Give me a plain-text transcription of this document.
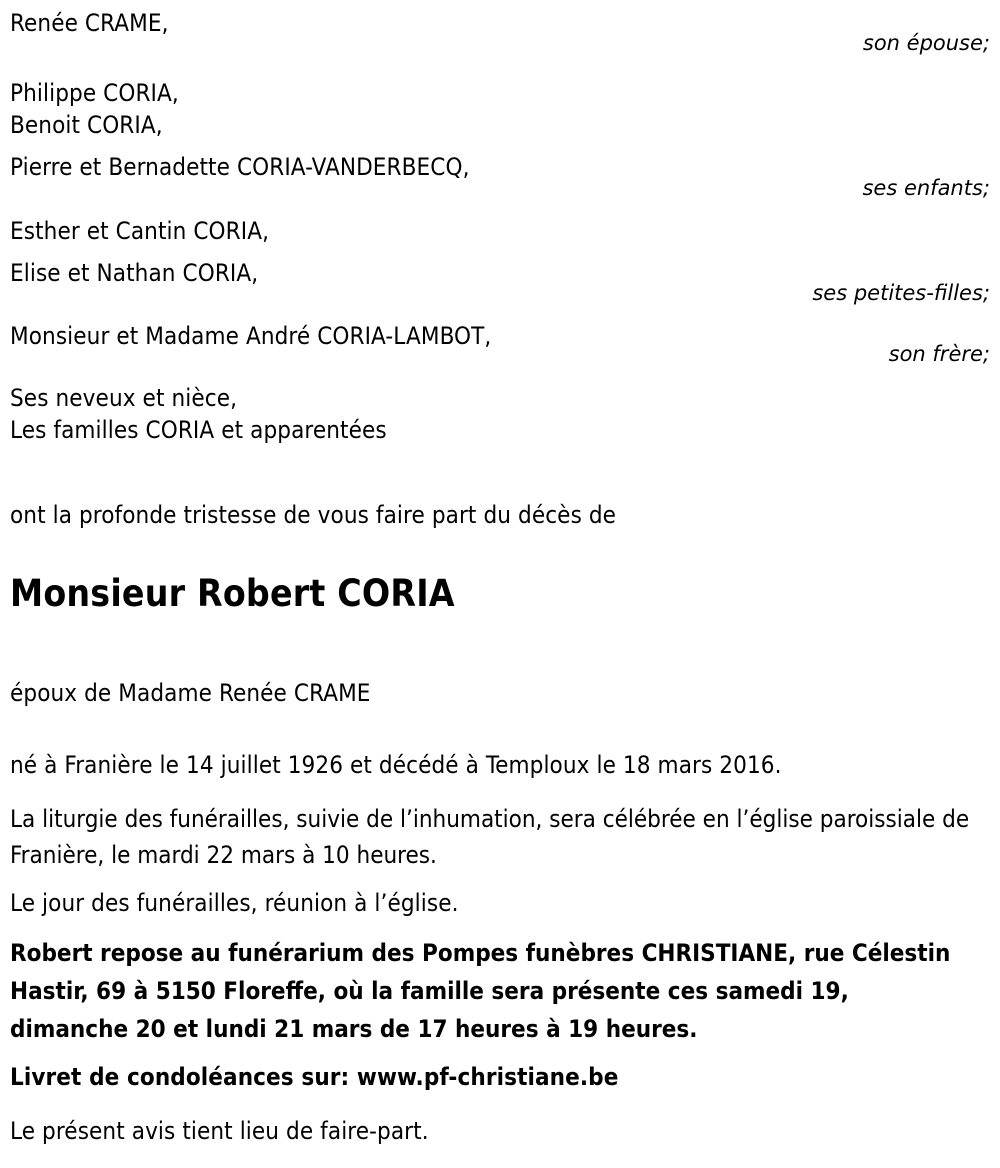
Renée CRAME,
son épouse;
Philippe CORIA,
Benoit CORIA,
Pierre et Bernadette CORIA-VANDERBECQ,
ses enfants;
Esther et Cantin CORIA,
Elise et Nathan CORIA,
ses petites-filles;
Monsieur et Madame André CORIA-LAMBOT,
son frère;
Ses neveux et nièce,
Les familles CORIA et apparentées
ont la profonde tristesse de vous faire part du décès de
Monsieur Robert CORIA
époux de Madame Renée CRAME
né à Franière le 14 juillet 1926 et décédé à Temploux le 18 mars 2016.
La liturgie des funérailles, suivie de l’inhumation, sera célébrée en l’église paroissiale de Franière, le mardi 22 mars à 10 heures.
Le jour des funérailles, réunion à l’église.
Robert repose au funérarium des Pompes funèbres CHRISTIANE, rue Célestin Hastir, 69 à 5150 Floreffe, où la famille sera présente ces samedi 19, dimanche 20 et lundi 21 mars de 17 heures à 19 heures.
Livret de condoléances sur: www.pf-christiane.be
Le présent avis tient lieu de faire-part.
